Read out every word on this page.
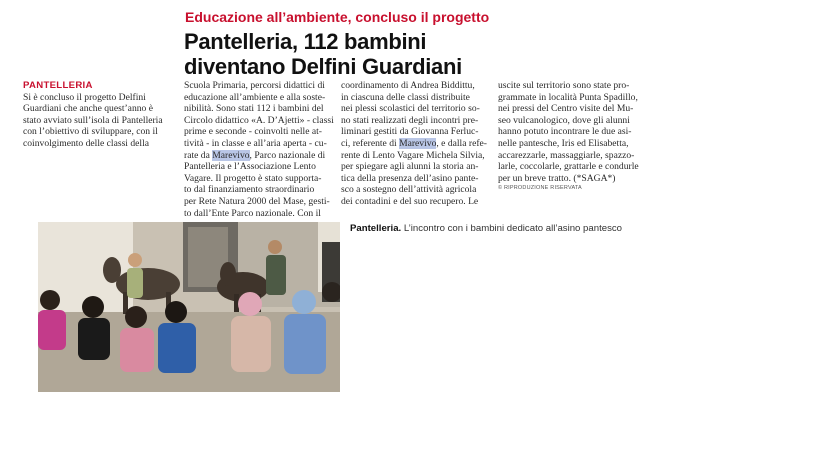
Educazione all’ambiente, concluso il progetto
Pantelleria, 112 bambini
diventano Delfini Guardiani

PANTELLERIA

Si è concluso il progetto Delfini

Guardiani che anche quest’anno è

stato avviato sull’isola di Pantelleria

con l’obiettivo di sviluppare, con il

coinvolgimento delle classi della

Scuola Primaria, percorsi didattici di

educazione all’ambiente e alla soste-

nibilità. Sono stati 112 i bambini del

Circolo didattico «A. D’Ajetti» - classi

prime e seconde - coinvolti nelle at-

tività - in classe e all’aria aperta - cu-

rate da Marevivo, Parco nazionale di

Pantelleria e l’Associazione Lento

Vagare. Il progetto è stato supporta-

to dal finanziamento straordinario

per Rete Natura 2000 del Mase, gesti-

to dall’Ente Parco nazionale. Con il

coordinamento di Andrea Biddittu,

in ciascuna delle classi distribuite

nei plessi scolastici del territorio so-

no stati realizzati degli incontri pre-

liminari gestiti da Giovanna Ferluc-

ci, referente di Marevivo, e dalla refe-

rente di Lento Vagare Michela Silvia,

per spiegare agli alunni la storia an-

tica della presenza dell’asino pante-

sco a sostegno dell’attività agricola

dei contadini e del suo recupero. Le

uscite sul territorio sono state pro-

grammate in località Punta Spadillo,

nei pressi del Centro visite del Mu-

seo vulcanologico, dove gli alunni

hanno potuto incontrare le due asi-

nelle pantesche, Iris ed Elisabetta,

accarezzarle, massaggiarle, spazzo-

larle, coccolarle, grattarle e condurle

per un breve tratto. (*SAGA*)

© RIPRODUZIONE RISERVATA
Pantelleria. L’incontro con i bambini dedicato all’asino pantesco
